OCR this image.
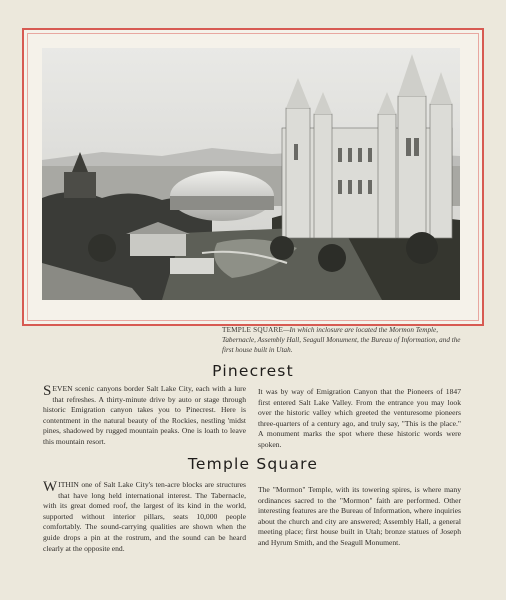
TEMPLE SQUARE—In which inclosure are located the Mormon Temple, Tabernacle, Assembly Hall, Seagull Monument, the Bureau of Information, and the first house built in Utah.
Pinecrest
SEVEN scenic canyons border Salt Lake City, each with a lure that refreshes. A thirty-minute drive by auto or stage through historic Emigration canyon takes you to Pinecrest. Here is contentment in the natural beauty of the Rockies, nestling 'midst pines, shadowed by rugged mountain peaks. One is loath to leave this mountain resort.
It was by way of Emigration Canyon that the Pioneers of 1847 first entered Salt Lake Valley. From the entrance you may look over the historic valley which greeted the venturesome pioneers three-quarters of a century ago, and truly say, "This is the place." A monument marks the spot where these historic words were spoken.
Temple Square
WITHIN one of Salt Lake City's ten-acre blocks are structures that have long held international interest. The Tabernacle, with its great domed roof, the largest of its kind in the world, supported without interior pillars, seats 10,000 people comfortably. The sound-carrying qualities are shown when the guide drops a pin at the rostrum, and the sound can be heard clearly at the opposite end.
The "Mormon" Temple, with its towering spires, is where many ordinances sacred to the "Mormon" faith are performed. Other interesting features are the Bureau of Information, where inquiries about the church and city are answered; Assembly Hall, a general meeting place; first house built in Utah; bronze statues of Joseph and Hyrum Smith, and the Seagull Monument.
